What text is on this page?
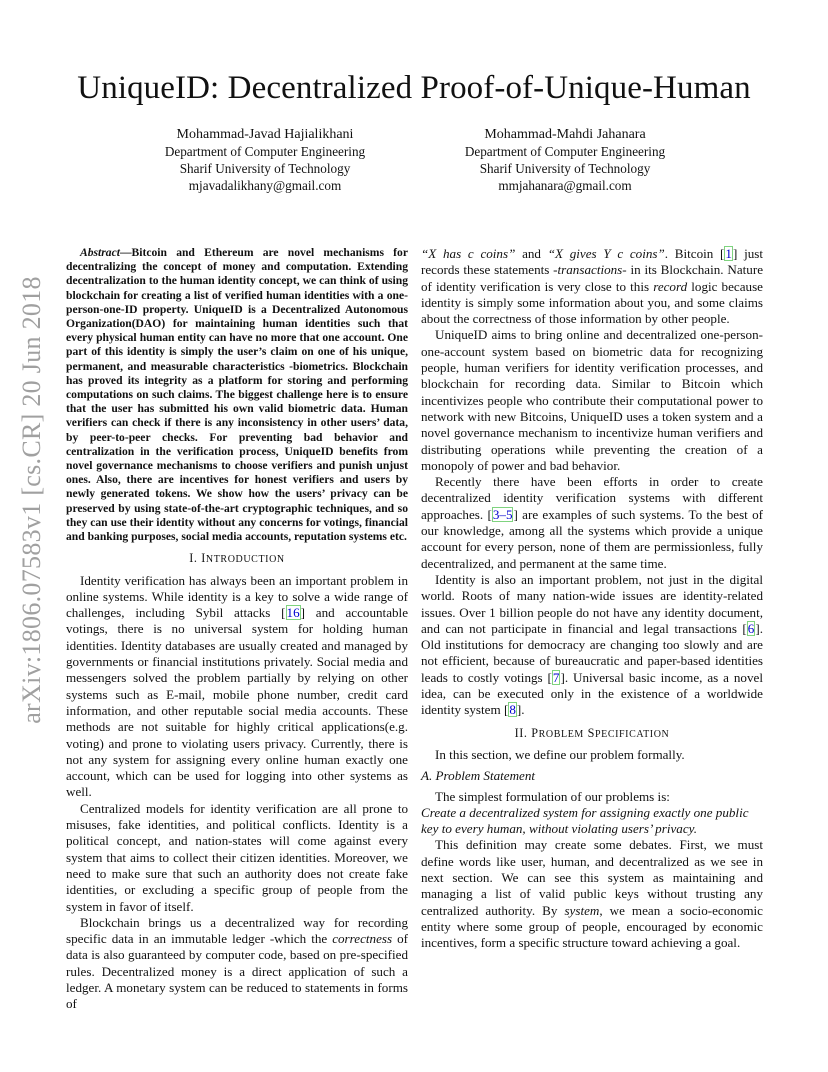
arXiv:1806.07583v1 [cs.CR] 20 Jun 2018
UniqueID: Decentralized Proof-of-Unique-Human
Mohammad-Javad Hajialikhani
Department of Computer Engineering
Sharif University of Technology
mjavadalikhany@gmail.com
Mohammad-Mahdi Jahanara
Department of Computer Engineering
Sharif University of Technology
mmjahanara@gmail.com

Abstract—Bitcoin and Ethereum are novel mechanisms for decentralizing the concept of money and computation. Extending decentralization to the human identity concept, we can think of using blockchain for creating a list of verified human identities with a one-person-one-ID property. UniqueID is a Decentralized Autonomous Organization(DAO) for maintaining human identities such that every physical human entity can have no more that one account. One part of this identity is simply the user’s claim on one of his unique, permanent, and measurable characteristics -biometrics. Blockchain has proved its integrity as a platform for storing and performing computations on such claims. The biggest challenge here is to ensure that the user has submitted his own valid biometric data. Human verifiers can check if there is any inconsistency in other users’ data, by peer-to-peer checks. For preventing bad behavior and centralization in the verification process, UniqueID benefits from novel governance mechanisms to choose verifiers and punish unjust ones. Also, there are incentives for honest verifiers and users by newly generated tokens. We show how the users’ privacy can be preserved by using state-of-the-art cryptographic techniques, and so they can use their identity without any concerns for votings, financial and banking purposes, social media accounts, reputation systems etc.

I. INTRODUCTION

Identity verification has always been an important problem in online systems. While identity is a key to solve a wide range of challenges, including Sybil attacks [16] and accountable votings, there is no universal system for holding human identities. Identity databases are usually created and managed by governments or financial institutions privately. Social media and messengers solved the problem partially by relying on other systems such as E-mail, mobile phone number, credit card information, and other reputable social media accounts. These methods are not suitable for highly critical applications(e.g. voting) and prone to violating users privacy. Currently, there is not any system for assigning every online human exactly one account, which can be used for logging into other systems as well.

Centralized models for identity verification are all prone to misuses, fake identities, and political conflicts. Identity is a political concept, and nation-states will come against every system that aims to collect their citizen identities. Moreover, we need to make sure that such an authority does not create fake identities, or excluding a specific group of people from the system in favor of itself.

Blockchain brings us a decentralized way for recording specific data in an immutable ledger -which the correctness of data is also guaranteed by computer code, based on pre-specified rules. Decentralized money is a direct application of such a ledger. A monetary system can be reduced to statements in forms of

“X has c coins” and “X gives Y c coins”. Bitcoin [1] just records these statements -transactions- in its Blockchain. Nature of identity verification is very close to this record logic because identity is simply some information about you, and some claims about the correctness of those information by other people.

UniqueID aims to bring online and decentralized one-person-one-account system based on biometric data for recognizing people, human verifiers for identity verification processes, and blockchain for recording data. Similar to Bitcoin which incentivizes people who contribute their computational power to network with new Bitcoins, UniqueID uses a token system and a novel governance mechanism to incentivize human verifiers and distributing operations while preventing the creation of a monopoly of power and bad behavior.

Recently there have been efforts in order to create decentralized identity verification systems with different approaches. [3–5] are examples of such systems. To the best of our knowledge, among all the systems which provide a unique account for every person, none of them are permissionless, fully decentralized, and permanent at the same time.

Identity is also an important problem, not just in the digital world. Roots of many nation-wide issues are identity-related issues. Over 1 billion people do not have any identity document, and can not participate in financial and legal transactions [6]. Old institutions for democracy are changing too slowly and are not efficient, because of bureaucratic and paper-based identities leads to costly votings [7]. Universal basic income, as a novel idea, can be executed only in the existence of a worldwide identity system [8].

II. PROBLEM SPECIFICATION

In this section, we define our problem formally.

A. Problem Statement

The simplest formulation of our problems is:

Create a decentralized system for assigning exactly one public key to every human, without violating users’ privacy.

This definition may create some debates. First, we must define words like user, human, and decentralized as we see in next section. We can see this system as maintaining and managing a list of valid public keys without trusting any centralized authority. By system, we mean a socio-economic entity where some group of people, encouraged by economic incentives, form a specific structure toward achieving a goal.
